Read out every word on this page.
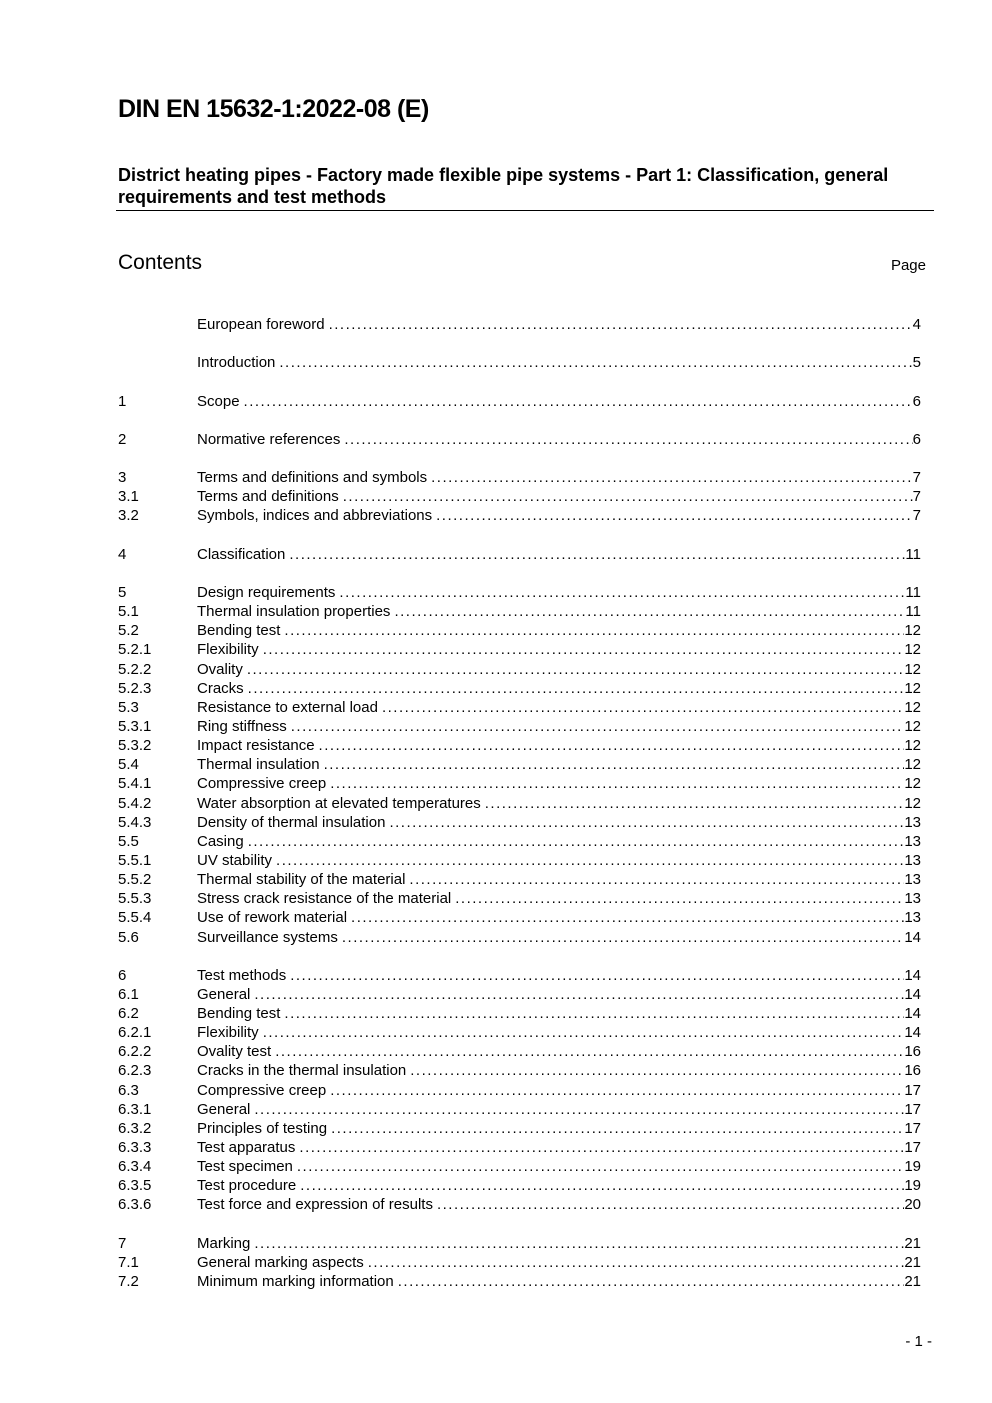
DIN EN 15632-1:2022-08 (E)
District heating pipes - Factory made flexible pipe systems - Part 1: Classification, general requirements and test methods
Contents	Page
European foreword .....	4
Introduction .....	5
1	Scope .....	6
2	Normative references .....	6
3	Terms and definitions and symbols .....	7
3.1	Terms and definitions .....	7
3.2	Symbols, indices and abbreviations .....	7
4	Classification .....	11
5	Design requirements .....	11
5.1	Thermal insulation properties .....	11
5.2	Bending test .....	12
5.2.1	Flexibility .....	12
5.2.2	Ovality .....	12
5.2.3	Cracks .....	12
5.3	Resistance to external load .....	12
5.3.1	Ring stiffness .....	12
5.3.2	Impact resistance .....	12
5.4	Thermal insulation .....	12
5.4.1	Compressive creep .....	12
5.4.2	Water absorption at elevated temperatures .....	12
5.4.3	Density of thermal insulation .....	13
5.5	Casing .....	13
5.5.1	UV stability .....	13
5.5.2	Thermal stability of the material .....	13
5.5.3	Stress crack resistance of the material .....	13
5.5.4	Use of rework material .....	13
5.6	Surveillance systems .....	14
6	Test methods .....	14
6.1	General .....	14
6.2	Bending test .....	14
6.2.1	Flexibility .....	14
6.2.2	Ovality test .....	16
6.2.3	Cracks in the thermal insulation .....	16
6.3	Compressive creep .....	17
6.3.1	General .....	17
6.3.2	Principles of testing .....	17
6.3.3	Test apparatus .....	17
6.3.4	Test specimen .....	19
6.3.5	Test procedure .....	19
6.3.6	Test force and expression of results .....	20
7	Marking .....	21
7.1	General marking aspects .....	21
7.2	Minimum marking information .....	21
- 1 -
